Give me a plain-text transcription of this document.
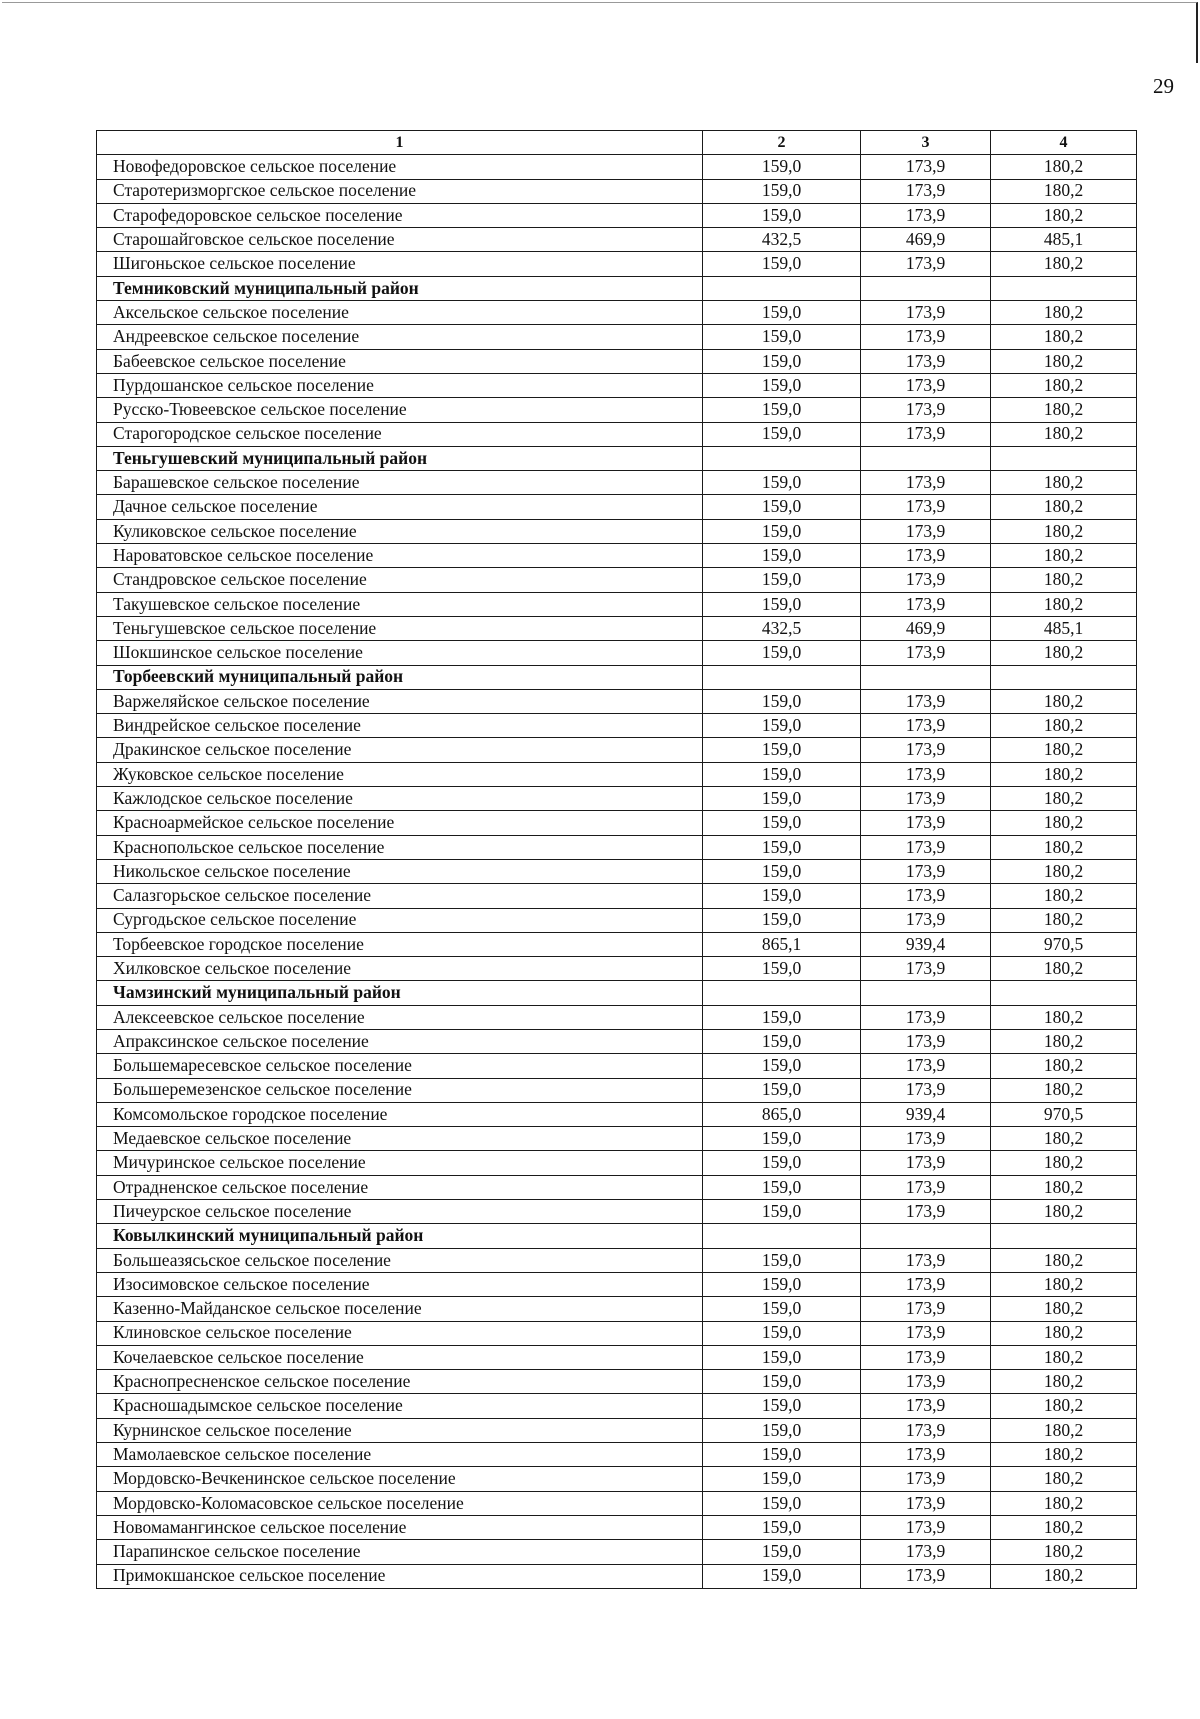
29
1	2	3	4
Новофедоровское сельское поселение	159,0	173,9	180,2
Старотеризморгское сельское поселение	159,0	173,9	180,2
Старофедоровское сельское поселение	159,0	173,9	180,2
Старошайговское сельское поселение	432,5	469,9	485,1
Шигоньское сельское поселение	159,0	173,9	180,2
Темниковский муниципальный район			
Аксельское сельское поселение	159,0	173,9	180,2
Андреевское сельское поселение	159,0	173,9	180,2
Бабеевское сельское поселение	159,0	173,9	180,2
Пурдошанское сельское поселение	159,0	173,9	180,2
Русско-Тювеевское сельское поселение	159,0	173,9	180,2
Старогородское сельское поселение	159,0	173,9	180,2
Теньгушевский муниципальный район			
Барашевское сельское поселение	159,0	173,9	180,2
Дачное сельское поселение	159,0	173,9	180,2
Куликовское сельское поселение	159,0	173,9	180,2
Нароватовское сельское поселение	159,0	173,9	180,2
Стандровское сельское поселение	159,0	173,9	180,2
Такушевское сельское поселение	159,0	173,9	180,2
Теньгушевское сельское поселение	432,5	469,9	485,1
Шокшинское сельское поселение	159,0	173,9	180,2
Торбеевский муниципальный район			
Варжеляйское сельское поселение	159,0	173,9	180,2
Виндрейское сельское поселение	159,0	173,9	180,2
Дракинское сельское поселение	159,0	173,9	180,2
Жуковское сельское поселение	159,0	173,9	180,2
Кажлодское сельское поселение	159,0	173,9	180,2
Красноармейское сельское поселение	159,0	173,9	180,2
Краснопольское сельское поселение	159,0	173,9	180,2
Никольское сельское поселение	159,0	173,9	180,2
Салазгорьское сельское поселение	159,0	173,9	180,2
Сургодьское сельское поселение	159,0	173,9	180,2
Торбеевское городское поселение	865,1	939,4	970,5
Хилковское сельское поселение	159,0	173,9	180,2
Чамзинский муниципальный район			
Алексеевское сельское поселение	159,0	173,9	180,2
Апраксинское сельское поселение	159,0	173,9	180,2
Большемаресевское сельское поселение	159,0	173,9	180,2
Большеремезенское сельское поселение	159,0	173,9	180,2
Комсомольское городское поселение	865,0	939,4	970,5
Медаевское сельское поселение	159,0	173,9	180,2
Мичуринское сельское поселение	159,0	173,9	180,2
Отрадненское сельское поселение	159,0	173,9	180,2
Пичеурское сельское поселение	159,0	173,9	180,2
Ковылкинский муниципальный район			
Большеазясьское сельское поселение	159,0	173,9	180,2
Изосимовское сельское поселение	159,0	173,9	180,2
Казенно-Майданское сельское поселение	159,0	173,9	180,2
Клиновское сельское поселение	159,0	173,9	180,2
Кочелаевское сельское поселение	159,0	173,9	180,2
Краснопресненское сельское поселение	159,0	173,9	180,2
Красношадымское сельское поселение	159,0	173,9	180,2
Курнинское сельское поселение	159,0	173,9	180,2
Мамолаевское сельское поселение	159,0	173,9	180,2
Мордовско-Вечкенинское сельское поселение	159,0	173,9	180,2
Мордовско-Коломасовское сельское поселение	159,0	173,9	180,2
Новомамангинское сельское поселение	159,0	173,9	180,2
Парапинское сельское поселение	159,0	173,9	180,2
Примокшанское сельское поселение	159,0	173,9	180,2
